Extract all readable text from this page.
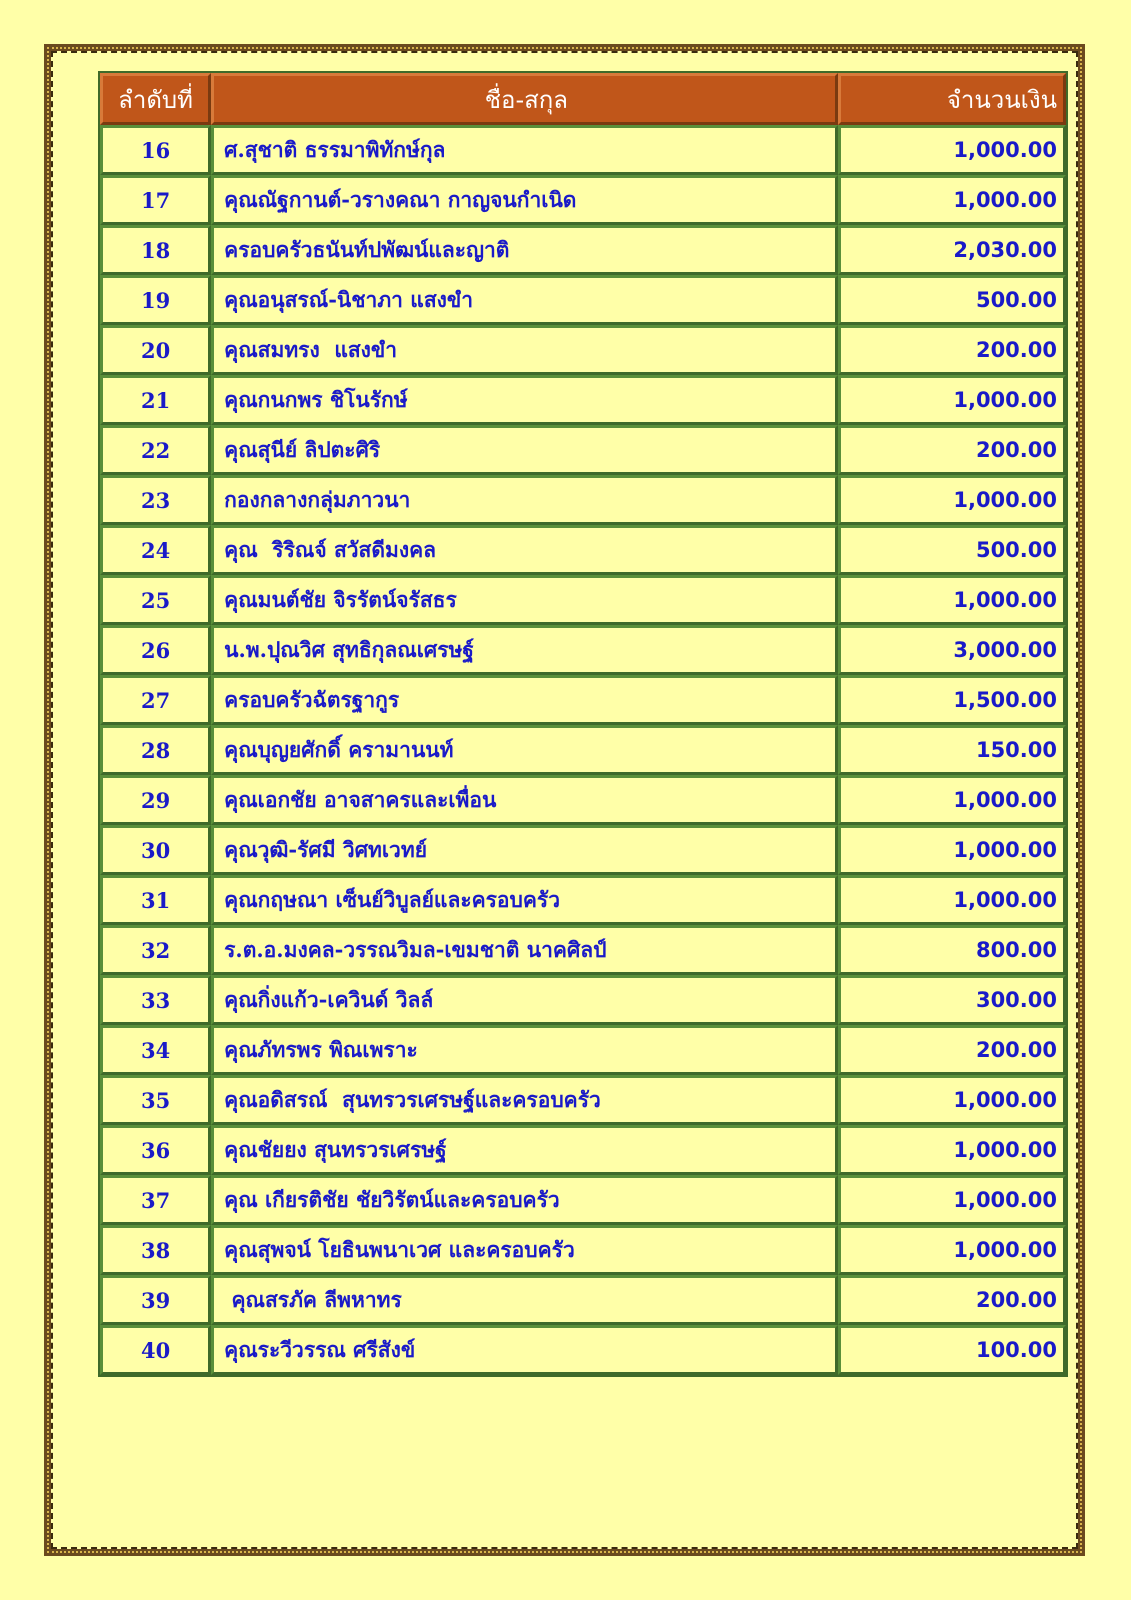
ลำดับที่	ชื่อ-สกุล	จำนวนเงิน
16	ศ.สุชาติ ธรรมาพิทักษ์กุล	1,000.00
17	คุณณัฐกานต์-วรางคณา กาญจนกำเนิด	1,000.00
18	ครอบครัวธนันท์ปพัฒน์และญาติ	2,030.00
19	คุณอนุสรณ์-นิชาภา แสงขำ	500.00
20	คุณสมทรง  แสงขำ	200.00
21	คุณกนกพร ชิโนรักษ์	1,000.00
22	คุณสุนีย์ ลิปตะศิริ	200.00
23	กองกลางกลุ่มภาวนา	1,000.00
24	คุณ  ริริณจ์ สวัสดีมงคล	500.00
25	คุณมนต์ชัย จิรรัตน์จรัสธร	1,000.00
26	น.พ.ปุณวิศ สุทธิกุลณเศรษฐ์	3,000.00
27	ครอบครัวฉัตรฐากูร	1,500.00
28	คุณบุญยศักดิ์ ครามานนท์	150.00
29	คุณเอกชัย อาจสาครและเพื่อน	1,000.00
30	คุณวุฒิ-รัศมี วิศทเวทย์	1,000.00
31	คุณกฤษณา เซ็นย์วิบูลย์และครอบครัว	1,000.00
32	ร.ต.อ.มงคล-วรรณวิมล-เขมชาติ นาคศิลป์	800.00
33	คุณกิ่งแก้ว-เควินด์ วิลล์	300.00
34	คุณภัทรพร พิณเพราะ	200.00
35	คุณอดิสรณ์  สุนทรวรเศรษฐ์และครอบครัว	1,000.00
36	คุณชัยยง สุนทรวรเศรษฐ์	1,000.00
37	คุณ เกียรติชัย ชัยวิรัตน์และครอบครัว	1,000.00
38	คุณสุพจน์ โยธินพนาเวศ และครอบครัว	1,000.00
39	คุณสรภัค ลีพหาทร	200.00
40	คุณระวีวรรณ ศรีสังข์	100.00
